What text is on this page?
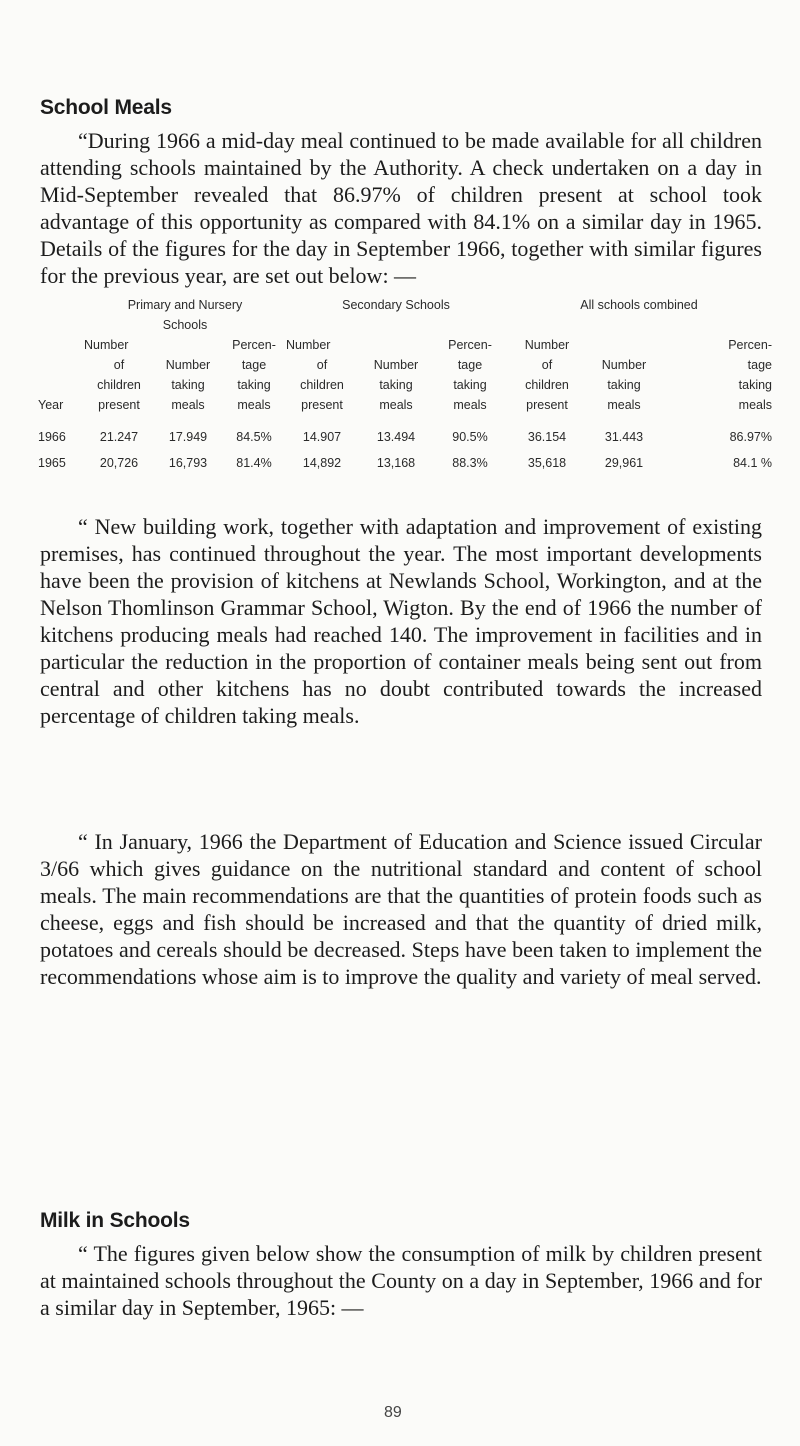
School Meals

“During 1966 a mid-day meal continued to be made available for all children attending schools maintained by the Authority. A check undertaken on a day in Mid-September revealed that 86.97% of children present at school took advantage of this opportunity as compared with 84.1% on a similar day in 1965. Details of the figures for the day in September 1966, together with similar figures for the previous year, are set out below: —

	Primary and Nursery			Secondary Schools			All schools combined		
	Schools								
	Number		Percen-	Number		Percen-	Number		Percen-
	of	Number	tage	of	Number	tage	of	Number	tage
	children	taking	taking	children	taking	taking	children	taking	taking
Year	present	meals	meals	present	meals	meals	present	meals	meals
1966	21.247	17.949	84.5%	14.907	13.494	90.5%	36.154	31.443	86.97%
1965	20,726	16,793	81.4%	14,892	13,168	88.3%	35,618	29,961	84.1 %

“ New building work, together with adaptation and improvement of existing premises, has continued throughout the year. The most important developments have been the provision of kitchens at Newlands School, Workington, and at the Nelson Thomlinson Grammar School, Wigton. By the end of 1966 the number of kitchens producing meals had reached 140. The improvement in facilities and in particular the reduction in the proportion of container meals being sent out from central and other kitchens has no doubt contributed towards the increased percentage of children taking meals.

“ In January, 1966 the Department of Education and Science issued Circular 3/66 which gives guidance on the nutritional standard and content of school meals. The main recommendations are that the quantities of protein foods such as cheese, eggs and fish should be increased and that the quantity of dried milk, potatoes and cereals should be decreased. Steps have been taken to implement the recommendations whose aim is to improve the quality and variety of meal served.

Milk in Schools

“ The figures given below show the consumption of milk by children present at maintained schools throughout the County on a day in September, 1966 and for a similar day in September, 1965: —

89
